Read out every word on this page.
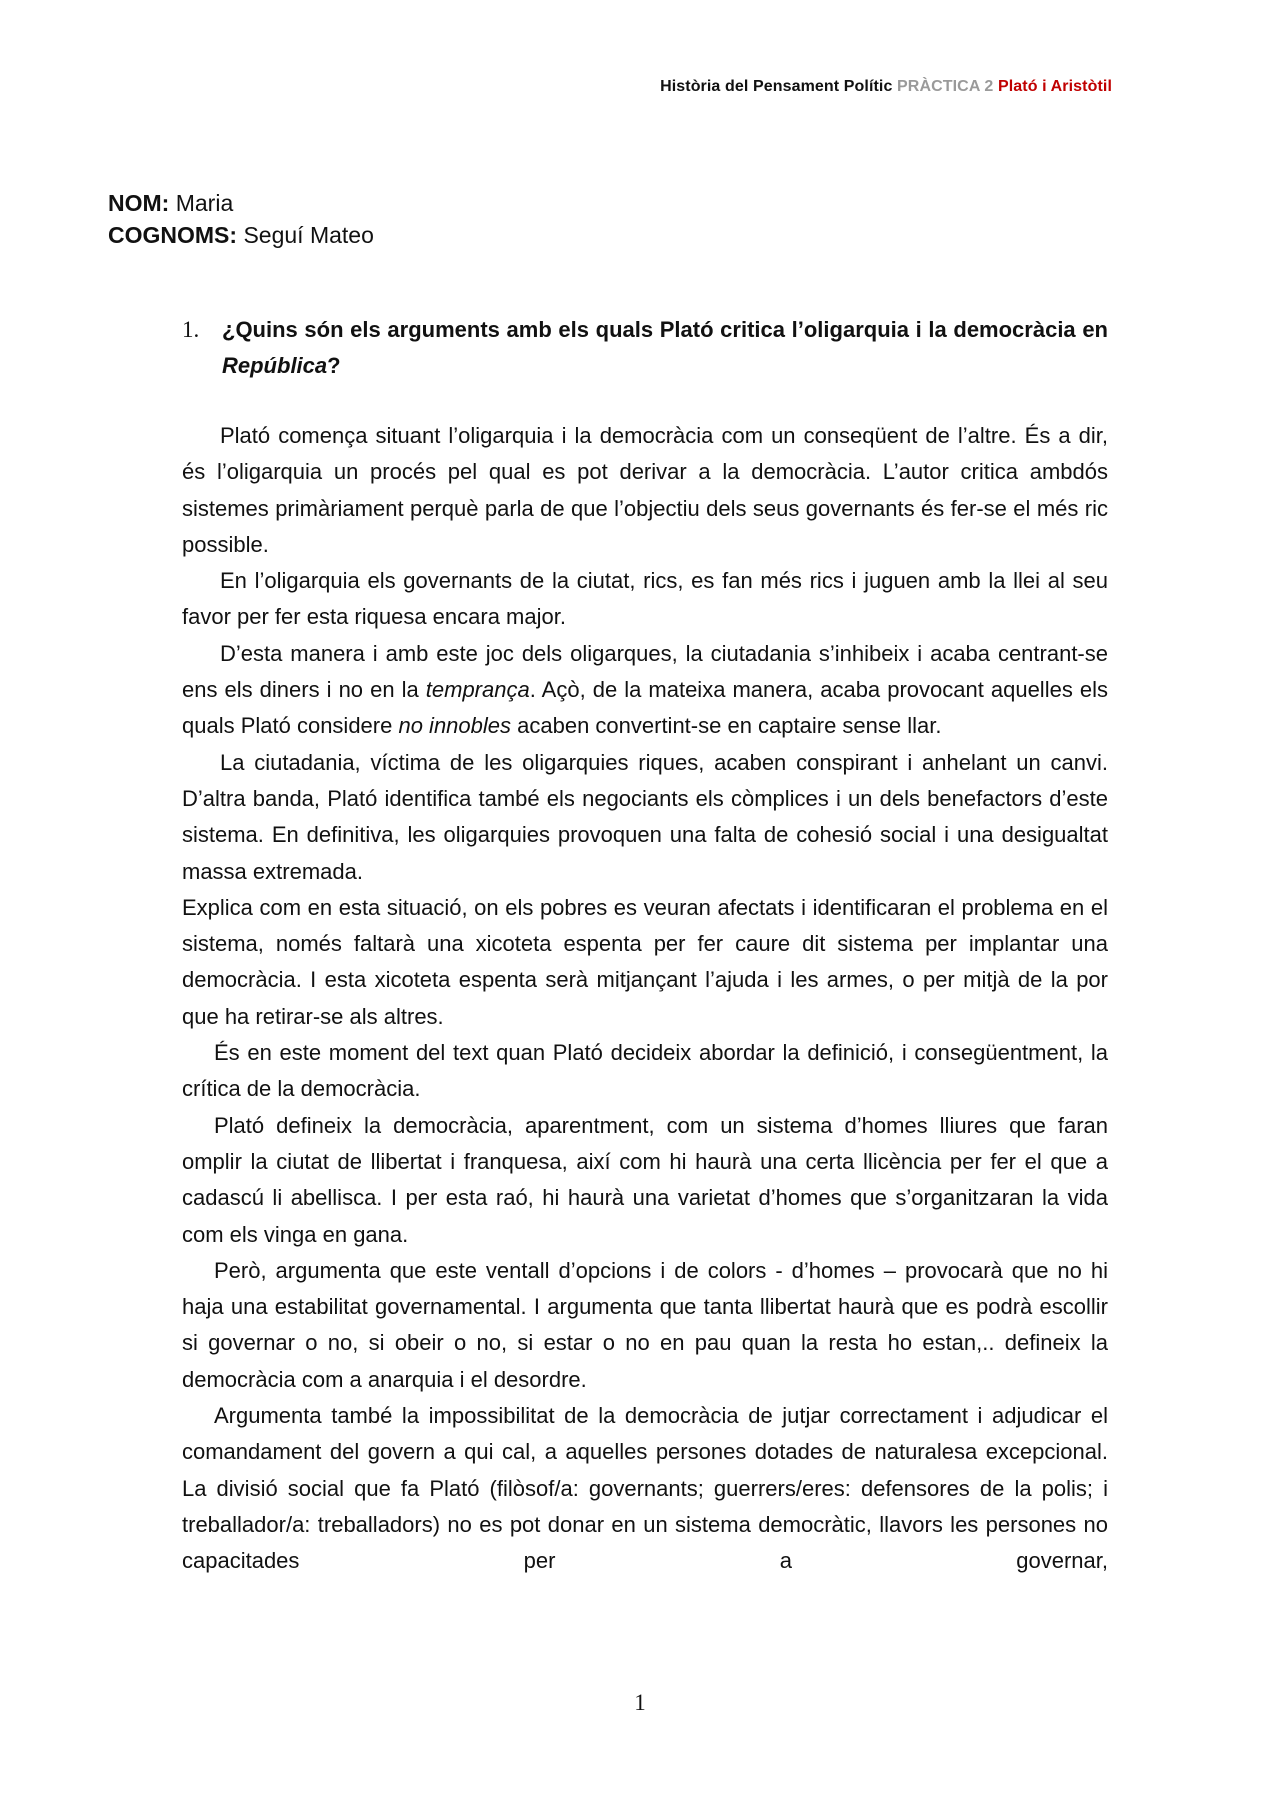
Història del Pensament Polític PRÀCTICA 2 Plató i Aristòtil
NOM: Maria
COGNOMS: Seguí Mateo
1. ¿Quins són els arguments amb els quals Plató critica l’oligarquia i la democràcia en República?

Plató comença situant l’oligarquia i la democràcia com un conseqüent de l’altre. És a dir, és l’oligarquia un procés pel qual es pot derivar a la democràcia. L’autor critica ambdós sistemes primàriament perquè parla de que l’objectiu dels seus governants és fer-se el més ric possible.

En l’oligarquia els governants de la ciutat, rics, es fan més rics i juguen amb la llei al seu favor per fer esta riquesa encara major.

D’esta manera i amb este joc dels oligarques, la ciutadania s’inhibeix i acaba centrant-se ens els diners i no en la temprança. Açò, de la mateixa manera, acaba provocant aquelles els quals Plató considere no innobles acaben convertint-se en captaire sense llar.

La ciutadania, víctima de les oligarquies riques, acaben conspirant i anhelant un canvi. D’altra banda, Plató identifica també els negociants els còmplices i un dels benefactors d’este sistema. En definitiva, les oligarquies provoquen una falta de cohesió social i una desigualtat massa extremada.

Explica com en esta situació, on els pobres es veuran afectats i identificaran el problema en el sistema, només faltarà una xicoteta espenta per fer caure dit sistema per implantar una democràcia. I esta xicoteta espenta serà mitjançant l’ajuda i les armes, o per mitjà de la por que ha retirar-se als altres.

És en este moment del text quan Plató decideix abordar la definició, i consegüentment, la crítica de la democràcia.

Plató defineix la democràcia, aparentment, com un sistema d’homes lliures que faran omplir la ciutat de llibertat i franquesa, així com hi haurà una certa llicència per fer el que a cadascú li abellisca. I per esta raó, hi haurà una varietat d’homes que s’organitzaran la vida com els vinga en gana.

Però, argumenta que este ventall d’opcions i de colors - d’homes – provocarà que no hi haja una estabilitat governamental. I argumenta que tanta llibertat haurà que es podrà escollir si governar o no, si obeir o no, si estar o no en pau quan la resta ho estan,.. defineix la democràcia com a anarquia i el desordre.

Argumenta també la impossibilitat de la democràcia de jutjar correctament i adjudicar el comandament del govern a qui cal, a aquelles persones dotades de naturalesa excepcional. La divisió social que fa Plató (filòsof/a: governants; guerrers/eres: defensores de la polis; i treballador/a: treballadors) no es pot donar en un sistema democràtic, llavors les persones no capacitades per a governar,

1
